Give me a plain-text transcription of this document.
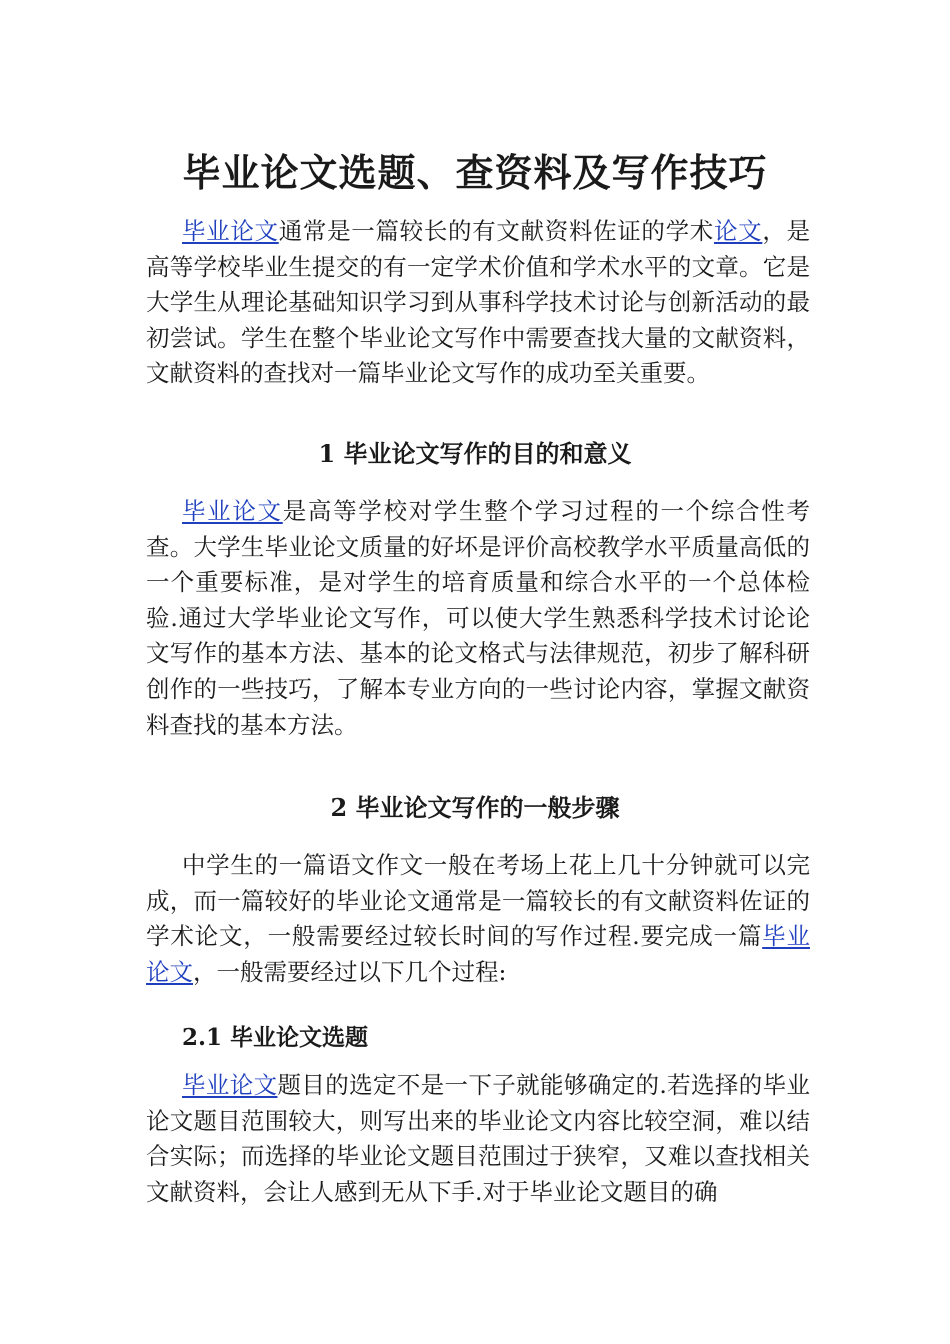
毕业论文选题、查资料及写作技巧

毕业论文通常是一篇较长的有文献资料佐证的学术论文，是高等学校毕业生提交的有一定学术价值和学术水平的文章。它是大学生从理论基础知识学习到从事科学技术讨论与创新活动的最初尝试。学生在整个毕业论文写作中需要查找大量的文献资料，文献资料的查找对一篇毕业论文写作的成功至关重要。

1 毕业论文写作的目的和意义

毕业论文是高等学校对学生整个学习过程的一个综合性考查。大学生毕业论文质量的好坏是评价高校教学水平质量高低的一个重要标准，是对学生的培育质量和综合水平的一个总体检验.通过大学毕业论文写作，可以使大学生熟悉科学技术讨论论文写作的基本方法、基本的论文格式与法律规范，初步了解科研创作的一些技巧，了解本专业方向的一些讨论内容，掌握文献资料查找的基本方法。

2 毕业论文写作的一般步骤

中学生的一篇语文作文一般在考场上花上几十分钟就可以完成，而一篇较好的毕业论文通常是一篇较长的有文献资料佐证的学术论文，一般需要经过较长时间的写作过程.要完成一篇毕业论文，一般需要经过以下几个过程:

2.1 毕业论文选题

毕业论文题目的选定不是一下子就能够确定的.若选择的毕业论文题目范围较大，则写出来的毕业论文内容比较空洞，难以结合实际；而选择的毕业论文题目范围过于狭窄，又难以查找相关文献资料，会让人感到无从下手.对于毕业论文题目的确
